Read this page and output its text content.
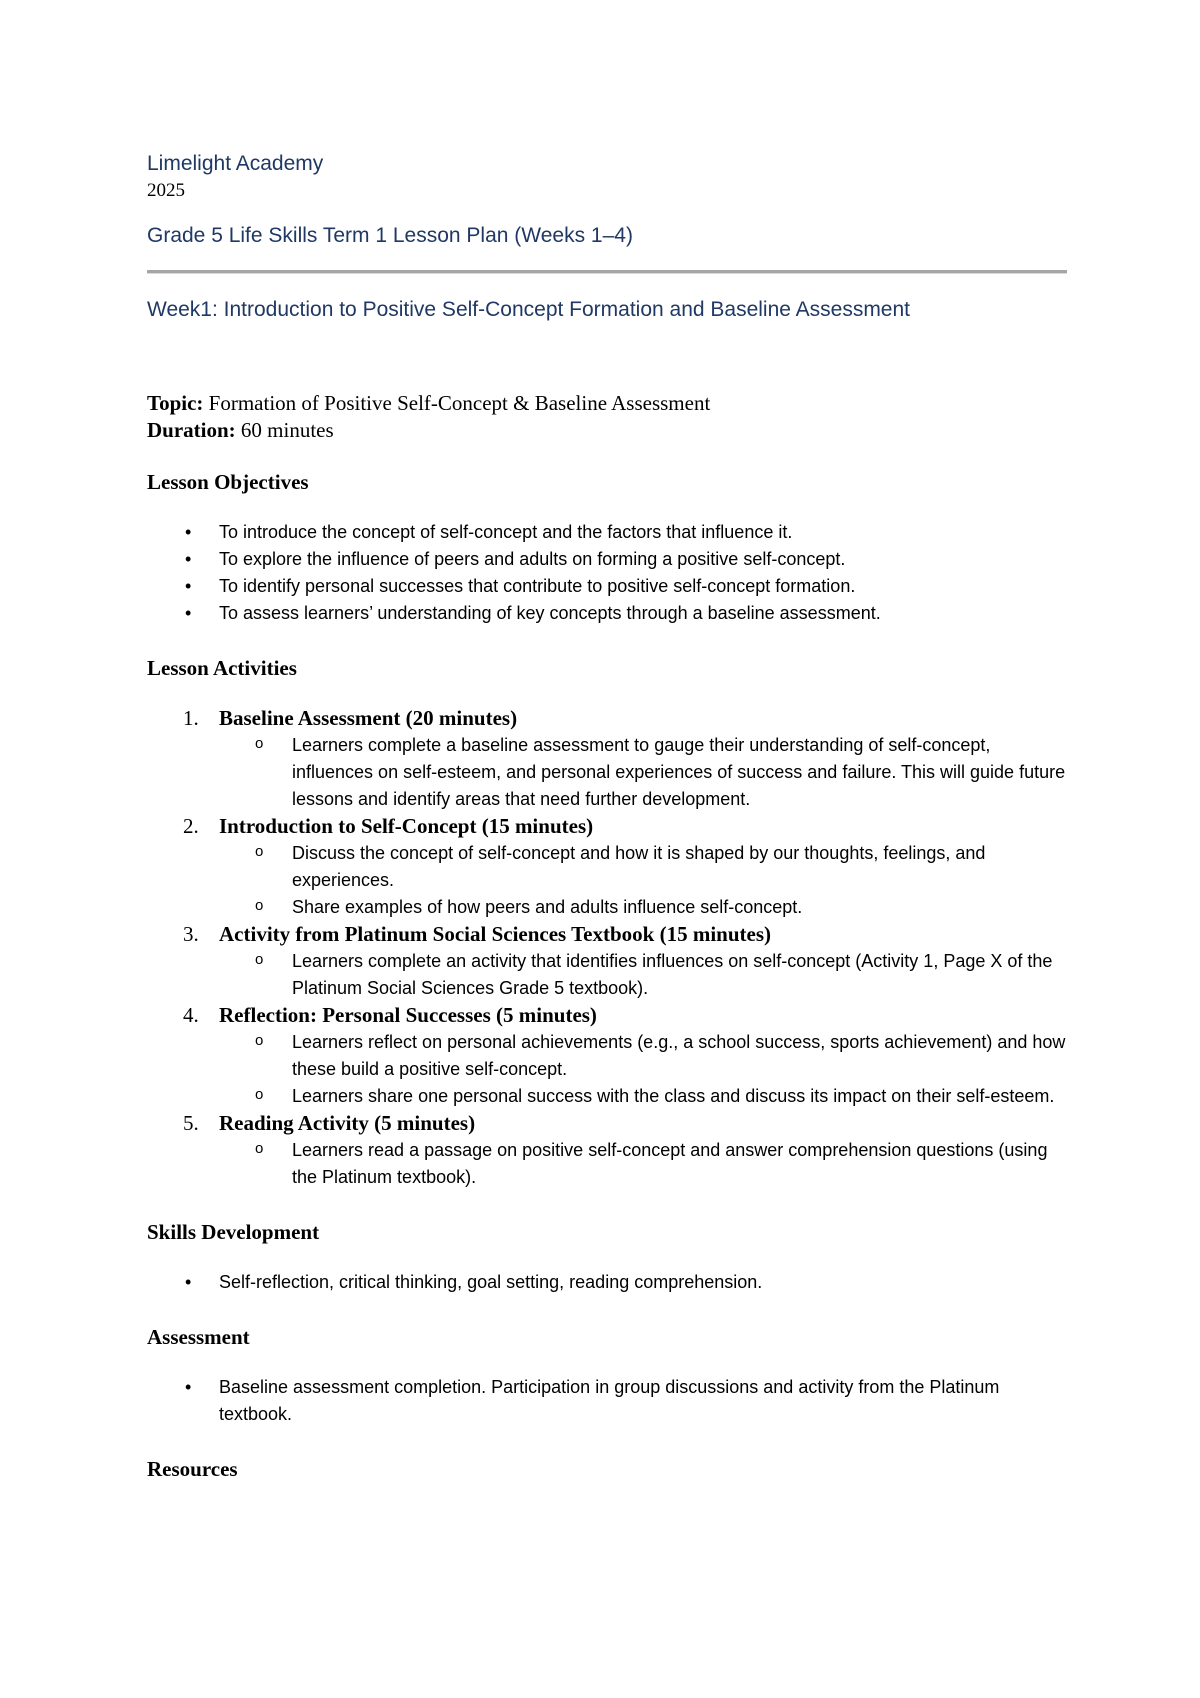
Limelight Academy

2025

Grade 5 Life Skills Term 1 Lesson Plan (Weeks 1–4)
Week1: Introduction to Positive Self-Concept Formation and Baseline Assessment

Topic: Formation of Positive Self-Concept & Baseline Assessment

Duration: 60 minutes

Lesson Objectives
• To introduce the concept of self-concept and the factors that influence it.
• To explore the influence of peers and adults on forming a positive self-concept.
• To identify personal successes that contribute to positive self-concept formation.
• To assess learners’ understanding of key concepts through a baseline assessment.
Lesson Activities
1. Baseline Assessment (20 minutes)
o Learners complete a baseline assessment to gauge their understanding of self-concept, influences on self-esteem, and personal experiences of success and failure. This will guide future lessons and identify areas that need further development.
2. Introduction to Self-Concept (15 minutes)
o Discuss the concept of self-concept and how it is shaped by our thoughts, feelings, and experiences.
o Share examples of how peers and adults influence self-concept.
3. Activity from Platinum Social Sciences Textbook (15 minutes)
o Learners complete an activity that identifies influences on self-concept (Activity 1, Page X of the Platinum Social Sciences Grade 5 textbook).
4. Reflection: Personal Successes (5 minutes)
o Learners reflect on personal achievements (e.g., a school success, sports achievement) and how these build a positive self-concept.
o Learners share one personal success with the class and discuss its impact on their self-esteem.
5. Reading Activity (5 minutes)
o Learners read a passage on positive self-concept and answer comprehension questions (using the Platinum textbook).
Skills Development
• Self-reflection, critical thinking, goal setting, reading comprehension.
Assessment
• Baseline assessment completion. Participation in group discussions and activity from the Platinum textbook.
Resources
